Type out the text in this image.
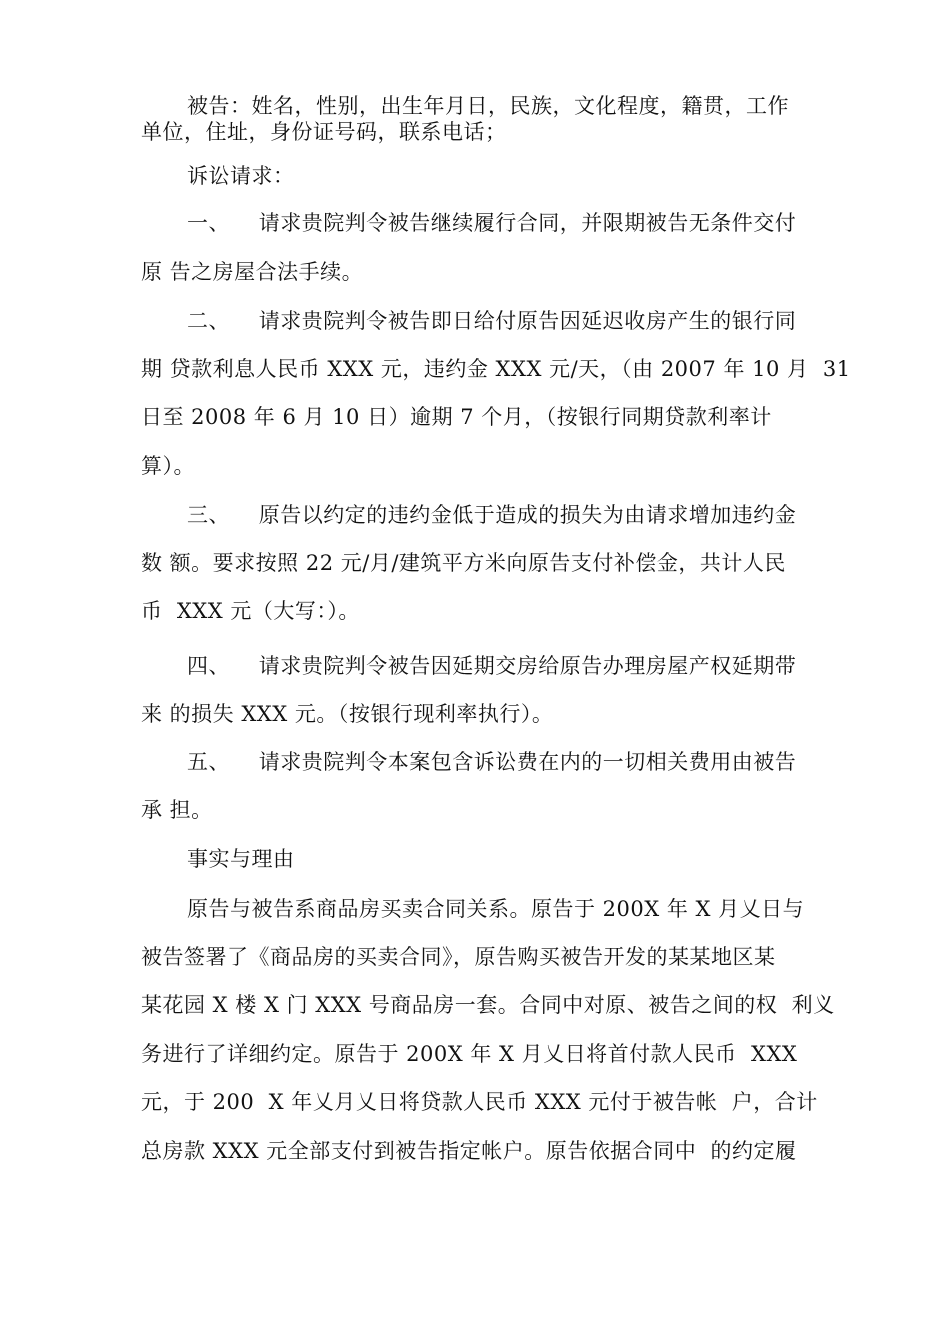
被告：姓名，性别，出生年月日，民族，文化程度，籍贯，工作
单位，住址，身份证号码，联系电话；
诉讼请求：
一、    请求贵院判令被告继续履行合同，并限期被告无条件交付
原 告之房屋合法手续。
二、    请求贵院判令被告即日给付原告因延迟收房产生的银行同
期 贷款利息人民币 XXX 元，违约金 XXX 元/天，（由 2007 年 10 月  31
日至 2008 年 6 月 10 日）逾期 7 个月，（按银行同期贷款利率计
算）。
三、    原告以约定的违约金低于造成的损失为由请求增加违约金
数 额。要求按照 22 元/月/建筑平方米向原告支付补偿金，共计人民
币  XXX 元（大写：）。
四、    请求贵院判令被告因延期交房给原告办理房屋产权延期带
来 的损失 XXX 元。（按银行现利率执行）。
五、    请求贵院判令本案包含诉讼费在内的一切相关费用由被告
承 担。
事实与理由
原告与被告系商品房买卖合同关系。原告于 200X 年 X 月乂日与
被告签署了《商品房的买卖合同》，原告购买被告开发的某某地区某
某花园 X 楼 X 门 XXX 号商品房一套。合同中对原、被告之间的权  利义
务进行了详细约定。原告于 200X 年 X 月乂日将首付款人民币  XXX
元，于 200  X 年乂月乂日将贷款人民币 XXX 元付于被告帐  户，合计
总房款 XXX 元全部支付到被告指定帐户。原告依据合同中  的约定履
